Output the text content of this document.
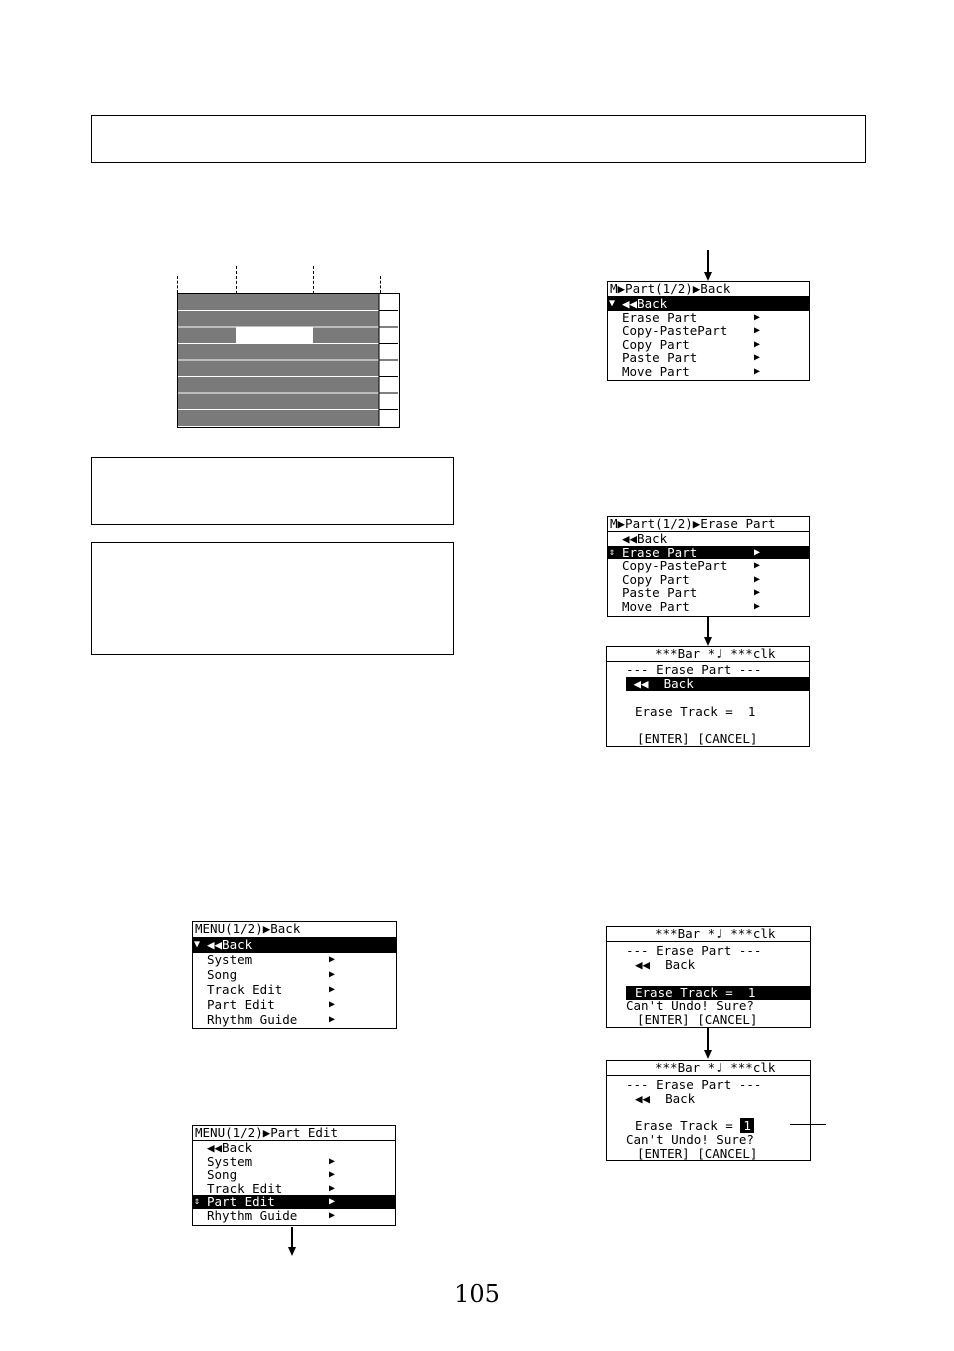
M▶Part(1/2)▶Back
▼ ◀◀Back
Erase Part	▶
Copy-PastePart	▶
Copy Part	▶
Paste Part	▶
Move Part	▶
M▶Part(1/2)▶Erase Part
◀◀Back
⇕ Erase Part	▶
Copy-PastePart	▶
Copy Part	▶
Paste Part	▶
Move Part	▶
***Bar *♩ ***clk
--- Erase Part ---
◀◀  Back
Erase Track = 1
[ENTER] [CANCEL]
MENU(1/2)▶Back
▼ ◀◀Back
System	▶
Song	▶
Track Edit	▶
Part Edit	▶
Rhythm Guide	▶
MENU(1/2)▶Part Edit
◀◀Back
System	▶
Song	▶
Track Edit	▶
⇕ Part Edit	▶
Rhythm Guide	▶
***Bar *♩ ***clk
--- Erase Part ---
◀◀  Back
Erase Track = 1
Can't Undo! Sure?
[ENTER] [CANCEL]
***Bar *♩ ***clk
--- Erase Part ---
◀◀  Back
Erase Track = 1
Can't Undo! Sure?
[ENTER] [CANCEL]
105
